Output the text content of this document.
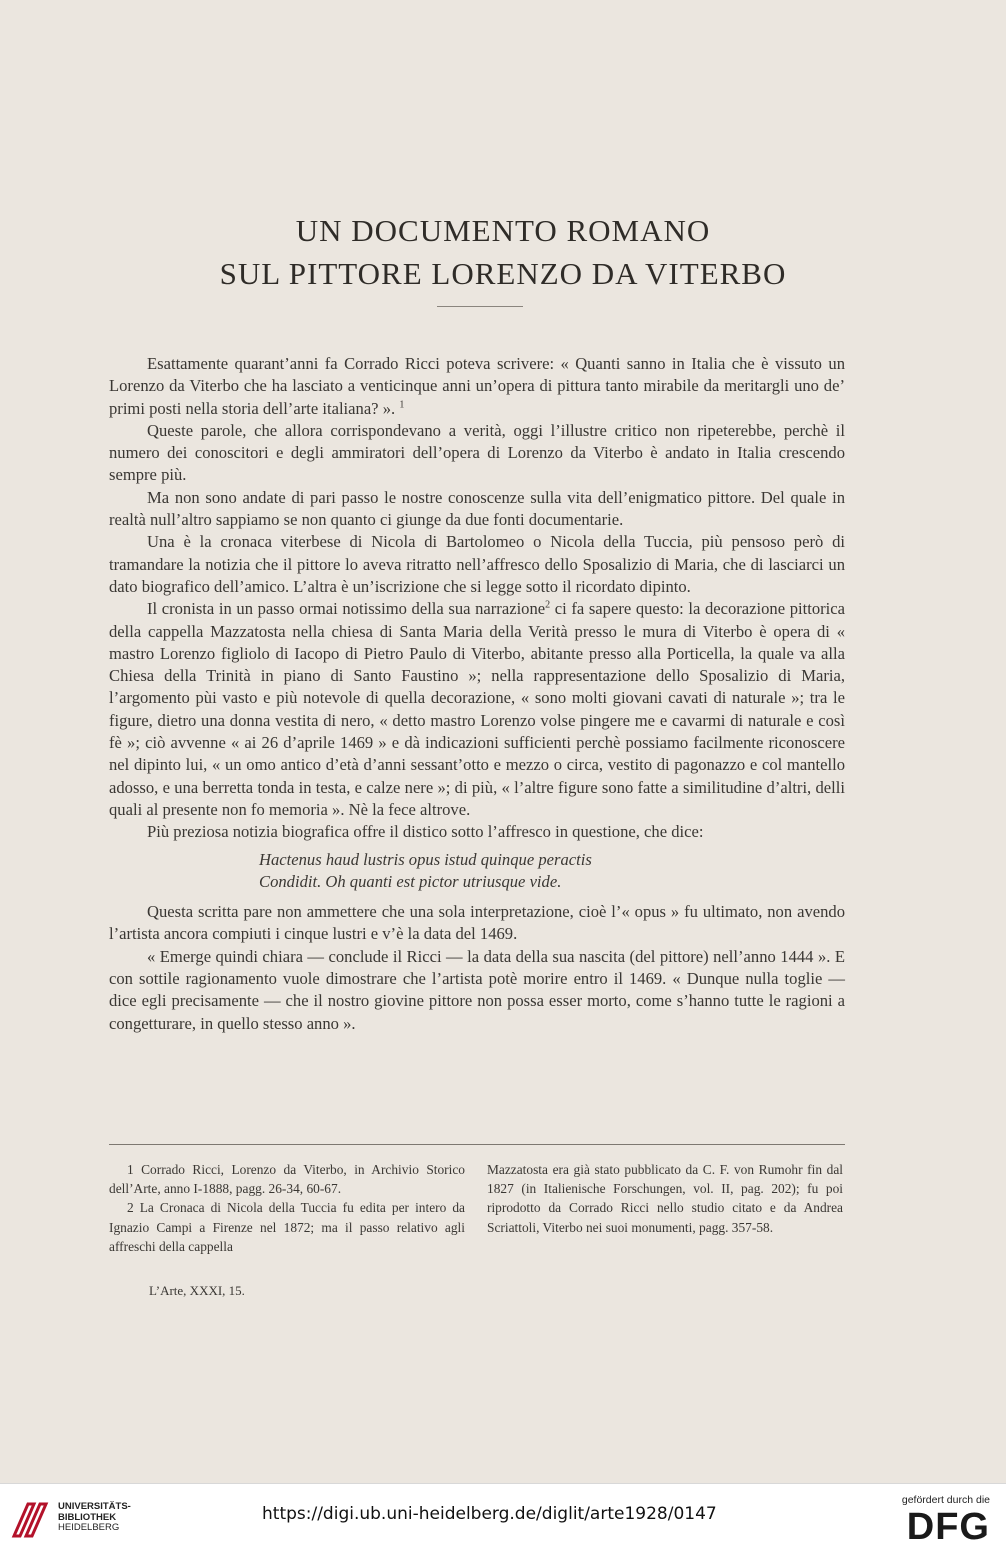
UN DOCUMENTO ROMANO
SUL PITTORE LORENZO DA VITERBO

Esattamente quarant’anni fa Corrado Ricci poteva scrivere: « Quanti sanno in Italia che è vissuto un Lorenzo da Viterbo che ha lasciato a venticinque anni un’opera di pittura tanto mirabile da meritargli uno de’ primi posti nella storia dell’arte italiana? ». $^1$

Queste parole, che allora corrispondevano a verità, oggi l’illustre critico non ripeterebbe, perchè il numero dei conoscitori e degli ammiratori dell’opera di Lorenzo da Viterbo è andato in Italia crescendo sempre più.

Ma non sono andate di pari passo le nostre conoscenze sulla vita dell’enigmatico pittore. Del quale in realtà null’altro sappiamo se non quanto ci giunge da due fonti documentarie.

Una è la cronaca viterbese di Nicola di Bartolomeo o Nicola della Tuccia, più pensoso però di tramandare la notizia che il pittore lo aveva ritratto nell’affresco dello Sposalizio di Maria, che di lasciarci un dato biografico dell’amico. L’altra è un’iscrizione che si legge sotto il ricordato dipinto.

Il cronista in un passo ormai notissimo della sua narrazione$^2$ ci fa sapere questo: la decorazione pittorica della cappella Mazzatosta nella chiesa di Santa Maria della Verità presso le mura di Viterbo è opera di « mastro Lorenzo figliolo di Iacopo di Pietro Paulo di Viterbo, abitante presso alla Porticella, la quale va alla Chiesa della Trinità in piano di Santo Faustino »; nella rappresentazione dello Sposalizio di Maria, l’argomento pùi vasto e più notevole di quella decorazione, « sono molti giovani cavati di naturale »; tra le figure, dietro una donna vestita di nero, « detto mastro Lorenzo volse pingere me e cavarmi di naturale e così fè »; ciò avvenne « ai 26 d’aprile 1469 » e dà indicazioni sufficienti perchè possiamo facilmente riconoscere nel dipinto lui, « un omo antico d’età d’anni sessant’otto e mezzo o circa, vestito di pagonazzo e col mantello adosso, e una berretta tonda in testa, e calze nere »; di più, « l’altre figure sono fatte a similitudine d’altri, delli quali al presente non fo memoria ». Nè la fece altrove.

Più preziosa notizia biografica offre il distico sotto l’affresco in questione, che dice:

Hactenus haud lustris opus istud quinque peractis
Condidit. Oh quanti est pictor utriusque vide.

Questa scritta pare non ammettere che una sola interpretazione, cioè l’« opus » fu ultimato, non avendo l’artista ancora compiuti i cinque lustri e v’è la data del 1469.

« Emerge quindi chiara — conclude il Ricci — la data della sua nascita (del pittore) nell’anno 1444 ». E con sottile ragionamento vuole dimostrare che l’artista potè morire entro il 1469. « Dunque nulla toglie — dice egli precisamente — che il nostro giovine pittore non possa esser morto, come s’hanno tutte le ragioni a congetturare, in quello stesso anno ».

1 Corrado Ricci, Lorenzo da Viterbo, in Archivio Storico dell’Arte, anno I-1888, pagg. 26-34, 60-67.

2 La Cronaca di Nicola della Tuccia fu edita per intero da Ignazio Campi a Firenze nel 1872; ma il passo relativo agli affreschi della cappella

Mazzatosta era già stato pubblicato da C. F. von Rumohr fin dal 1827 (in Italienische Forschungen, vol. II, pag. 202); fu poi riprodotto da Corrado Ricci nello studio citato e da Andrea Scriattoli, Viterbo nei suoi monumenti, pagg. 357-58.

L’Arte, XXXI, 15.
UNIVERSITÄTS-
BIBLIOTHEK
HEIDELBERG
https://digi.ub.uni-heidelberg.de/diglit/arte1928/0147
gefördert durch die
DFG
